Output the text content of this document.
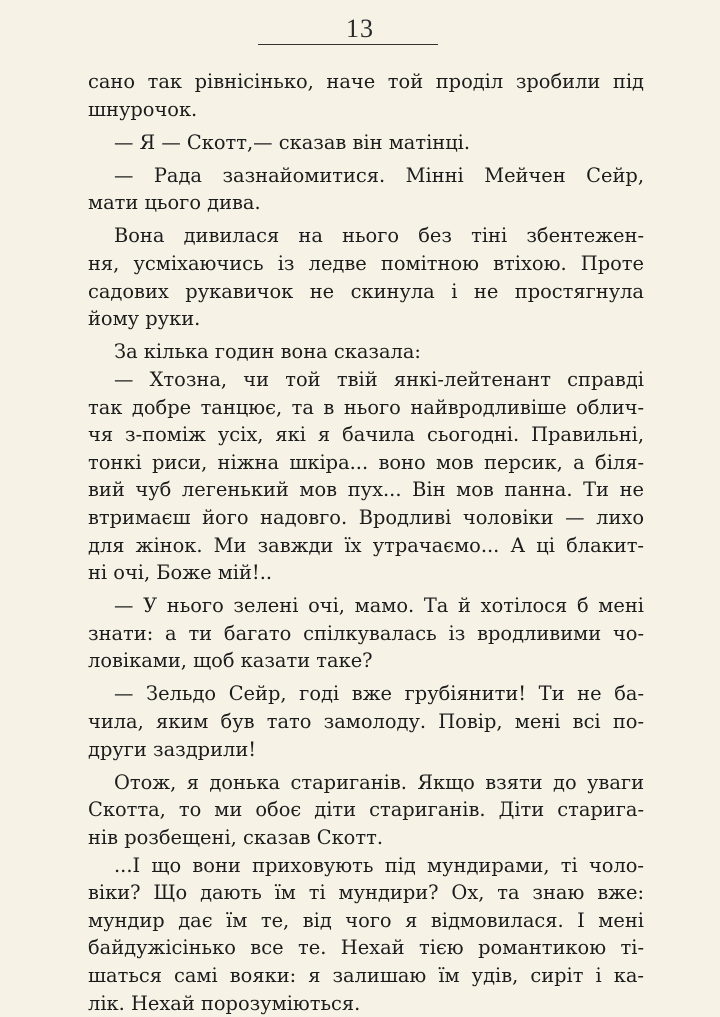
13
сано так рівнісінько, наче той проділ зробили під
шнурочок.
— Я — Скотт,— сказав він матінці.
— Рада зазнайомитися. Мінні Мейчен Сейр,
мати цього дива.
Вона дивилася на нього без тіні збентежен-
ня, усміхаючись із ледве помітною втіхою. Проте
садових рукавичок не скинула і не простягнула
йому руки.
За кілька годин вона сказала:
— Хтозна, чи той твій янкі-лейтенант справді
так добре танцює, та в нього найвродливіше облич-
чя з-поміж усіх, які я бачила сьогодні. Правильні,
тонкі риси, ніжна шкіра... воно мов персик, а біля-
вий чуб легенький мов пух... Він мов панна. Ти не
втримаєш його надовго. Вродливі чоловіки — лихо
для жінок. Ми завжди їх утрачаємо... А ці блакит-
ні очі, Боже мій!..
— У нього зелені очі, мамо. Та й хотілося б мені
знати: а ти багато спілкувалась із вродливими чо-
ловіками, щоб казати таке?
— Зельдо Сейр, годі вже грубіянити! Ти не ба-
чила, яким був тато замолоду. Повір, мені всі по-
други заздрили!
Отож, я донька стариганів. Якщо взяти до уваги
Скотта, то ми обоє діти стариганів. Діти старига-
нів розбещені, сказав Скотт.
...І що вони приховують під мундирами, ті чоло-
віки? Що дають їм ті мундири? Ох, та знаю вже:
мундир дає їм те, від чого я відмовилася. І мені
байдужісінько все те. Нехай тією романтикою ті-
шаться самі вояки: я залишаю їм удів, сиріт і ка-
лік. Нехай порозуміються.
